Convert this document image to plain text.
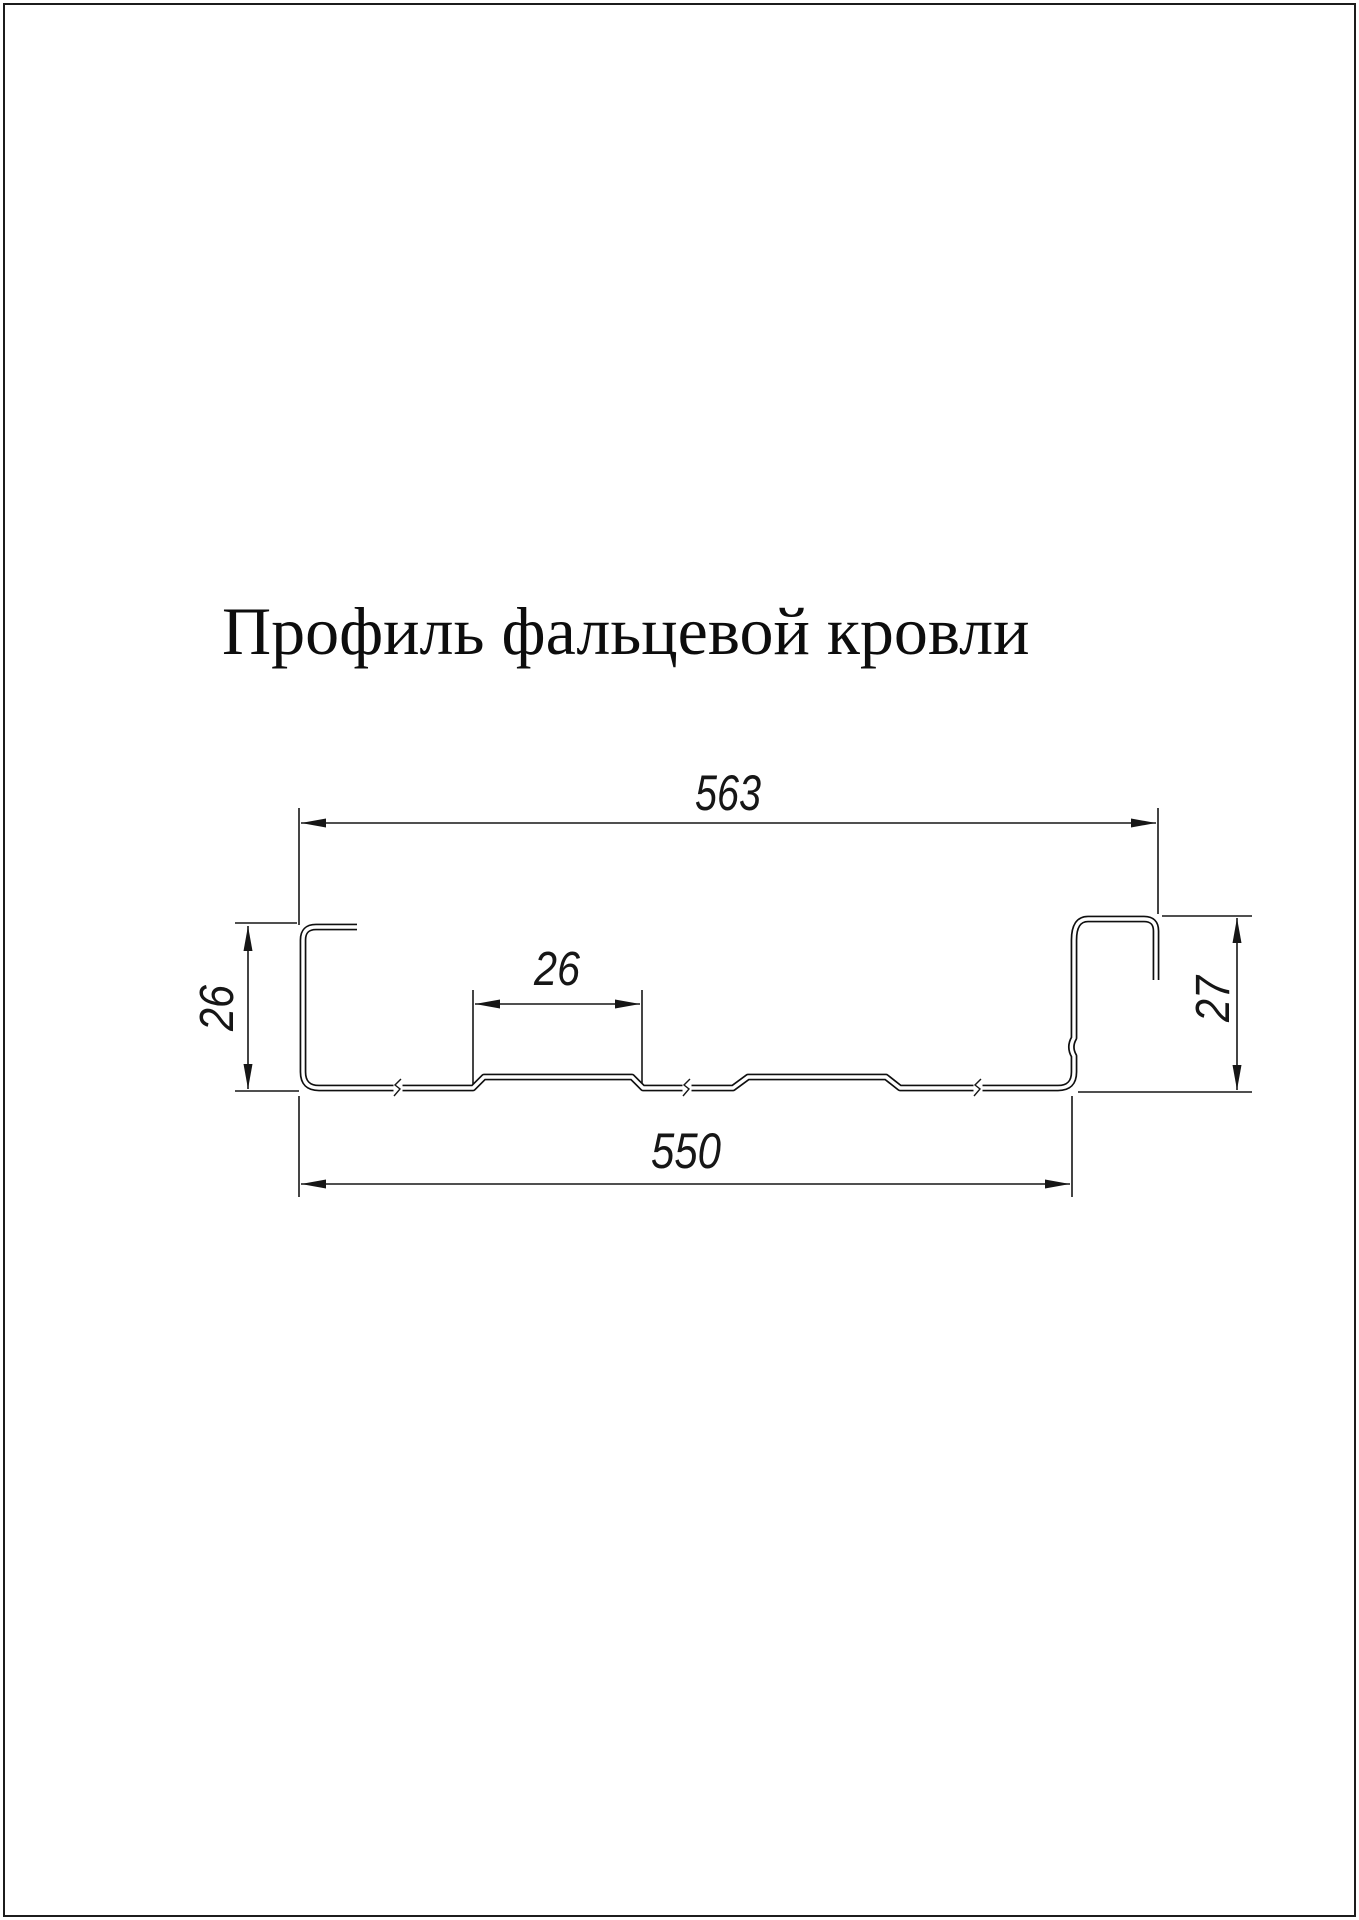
Профиль фальцевой кровли
563
550
26
26	27
